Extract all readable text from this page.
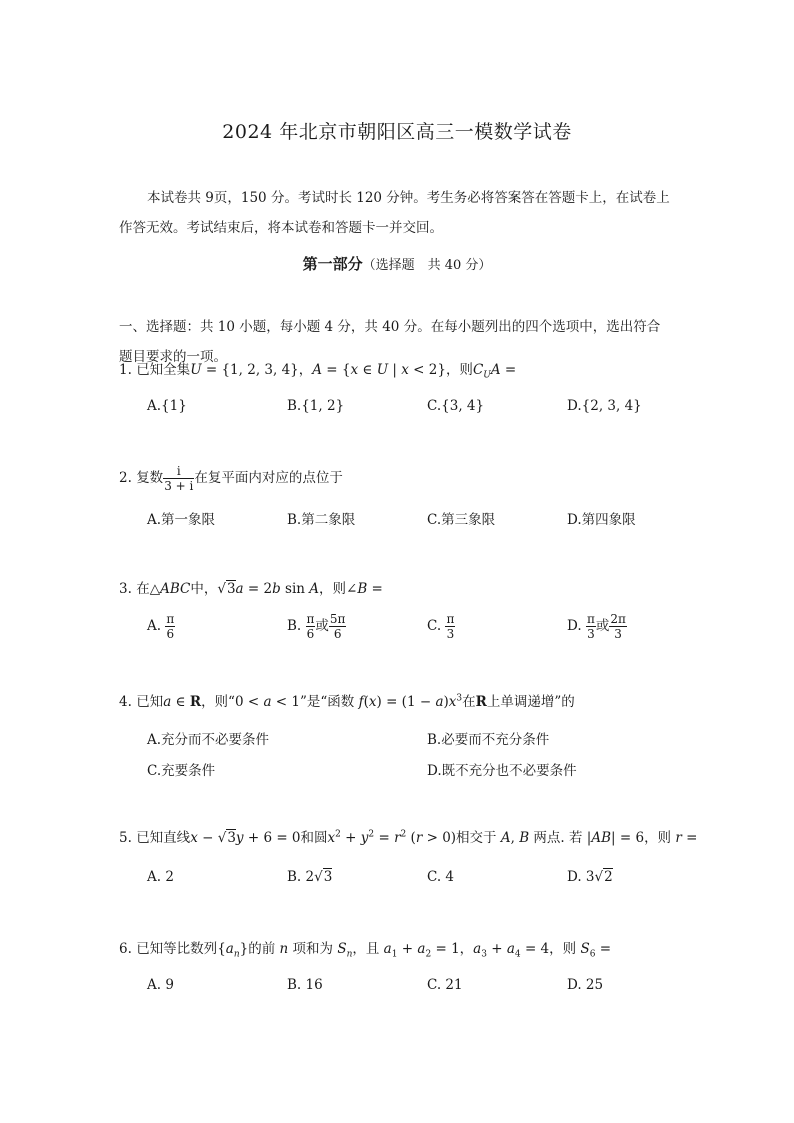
2024 年北京市朝阳区高三一模数学试卷
本试卷共 9页，150 分。考试时长 120 分钟。考生务必将答案答在答题卡上，在试卷上
作答无效。考试结束后，将本试卷和答题卡一并交回。
第一部分（选择题　共 40 分）
一、选择题：共 10 小题，每小题 4 分，共 40 分。在每小题列出的四个选项中，选出符合
题目要求的一项。
1. 已知全集U = {1, 2, 3, 4}，A = {x ∈ U | x < 2}，则$C_UA$ =
A.{1}	B.{1, 2}	C.{3, 4}	D.{2, 3, 4}
2. 复数 $\frac{i}{3 + i}$ 在复平面内对应的点位于
A.第一象限	B.第二象限	C.第三象限	D.第四象限
3. 在△ABC中，√3a = 2b sin A，则∠B =
A. $\frac{\pi}{6}$	B. $\frac{\pi}{6}$ 或 $\frac{5\pi}{6}$	C. $\frac{\pi}{3}$	D. $\frac{\pi}{3}$ 或 $\frac{2\pi}{3}$
4. 已知a ∈ R，则“0 < a < 1”是“函数 $f(x) = (1 - a)x^3$在R上单调递增”的
A.充分而不必要条件	B.必要而不充分条件
C.充要条件	D.既不充分也不必要条件
5. 已知直线x − √3y + 6 = 0和圆$x^2 + y^2 = r^2$ (r > 0)相交于 A, B 两点. 若 |AB| = 6，则 r =
A. 2	B. 2√3	C. 4	D. 3√2
6. 已知等比数列$\{a_n\}$的前 n 项和为 $S_n$，且 $a_1 + a_2 = 1$，$a_3 + a_4 = 4$，则 $S_6$ =
A. 9	B. 16	C. 21	D. 25
